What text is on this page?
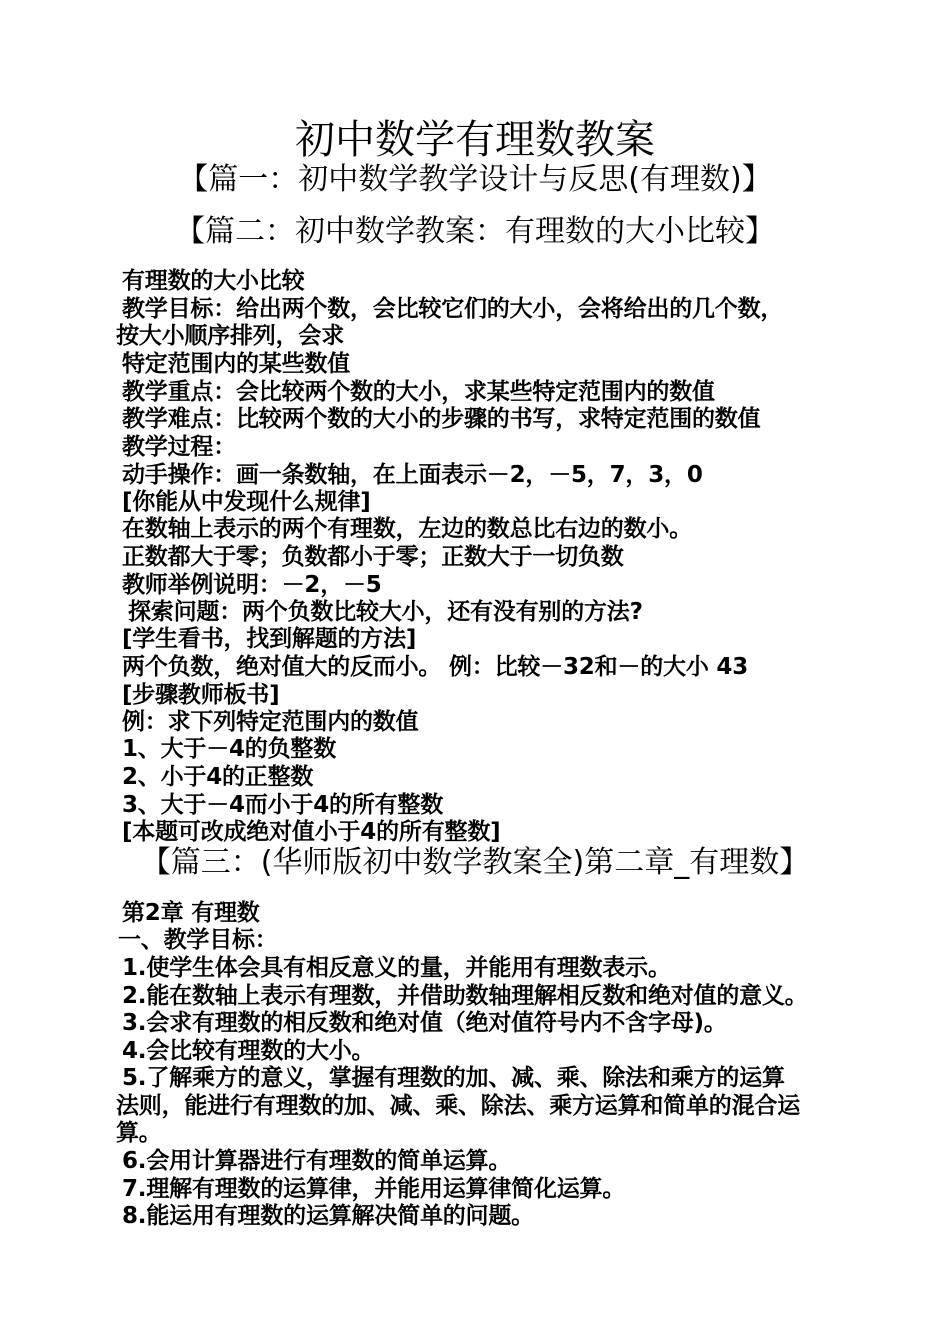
初中数学有理数教案
【篇一：初中数学教学设计与反思(有理数)】
【篇二：初中数学教案：有理数的大小比较】
有理数的大小比较
教学目标：给出两个数，会比较它们的大小，会将给出的几个数，
按大小顺序排列，会求
特定范围内的某些数值
教学重点：会比较两个数的大小，求某些特定范围内的数值
教学难点：比较两个数的大小的步骤的书写，求特定范围的数值
教学过程：
动手操作：画一条数轴，在上面表示－2，－5，7，3，0
[你能从中发现什么规律]
在数轴上表示的两个有理数，左边的数总比右边的数小。
正数都大于零；负数都小于零；正数大于一切负数
教师举例说明：－2，－5
探索问题：两个负数比较大小，还有没有别的方法?
[学生看书，找到解题的方法]
两个负数，绝对值大的反而小。 例：比较－32和－的大小 43
[步骤教师板书]
例：求下列特定范围内的数值
1、大于－4的负整数
2、小于4的正整数
3、大于－4而小于4的所有整数
[本题可改成绝对值小于4的所有整数]
【篇三：(华师版初中数学教案全)第二章_有理数】
第2章 有理数
一、教学目标：
1.使学生体会具有相反意义的量，并能用有理数表示。
2.能在数轴上表示有理数，并借助数轴理解相反数和绝对值的意义。
3.会求有理数的相反数和绝对值（绝对值符号内不含字母)。
4.会比较有理数的大小。
5.了解乘方的意义，掌握有理数的加、减、乘、除法和乘方的运算
法则，能进行有理数的加、减、乘、除法、乘方运算和简单的混合运
算。
6.会用计算器进行有理数的简单运算。
7.理解有理数的运算律，并能用运算律简化运算。
8.能运用有理数的运算解决简单的问题。
